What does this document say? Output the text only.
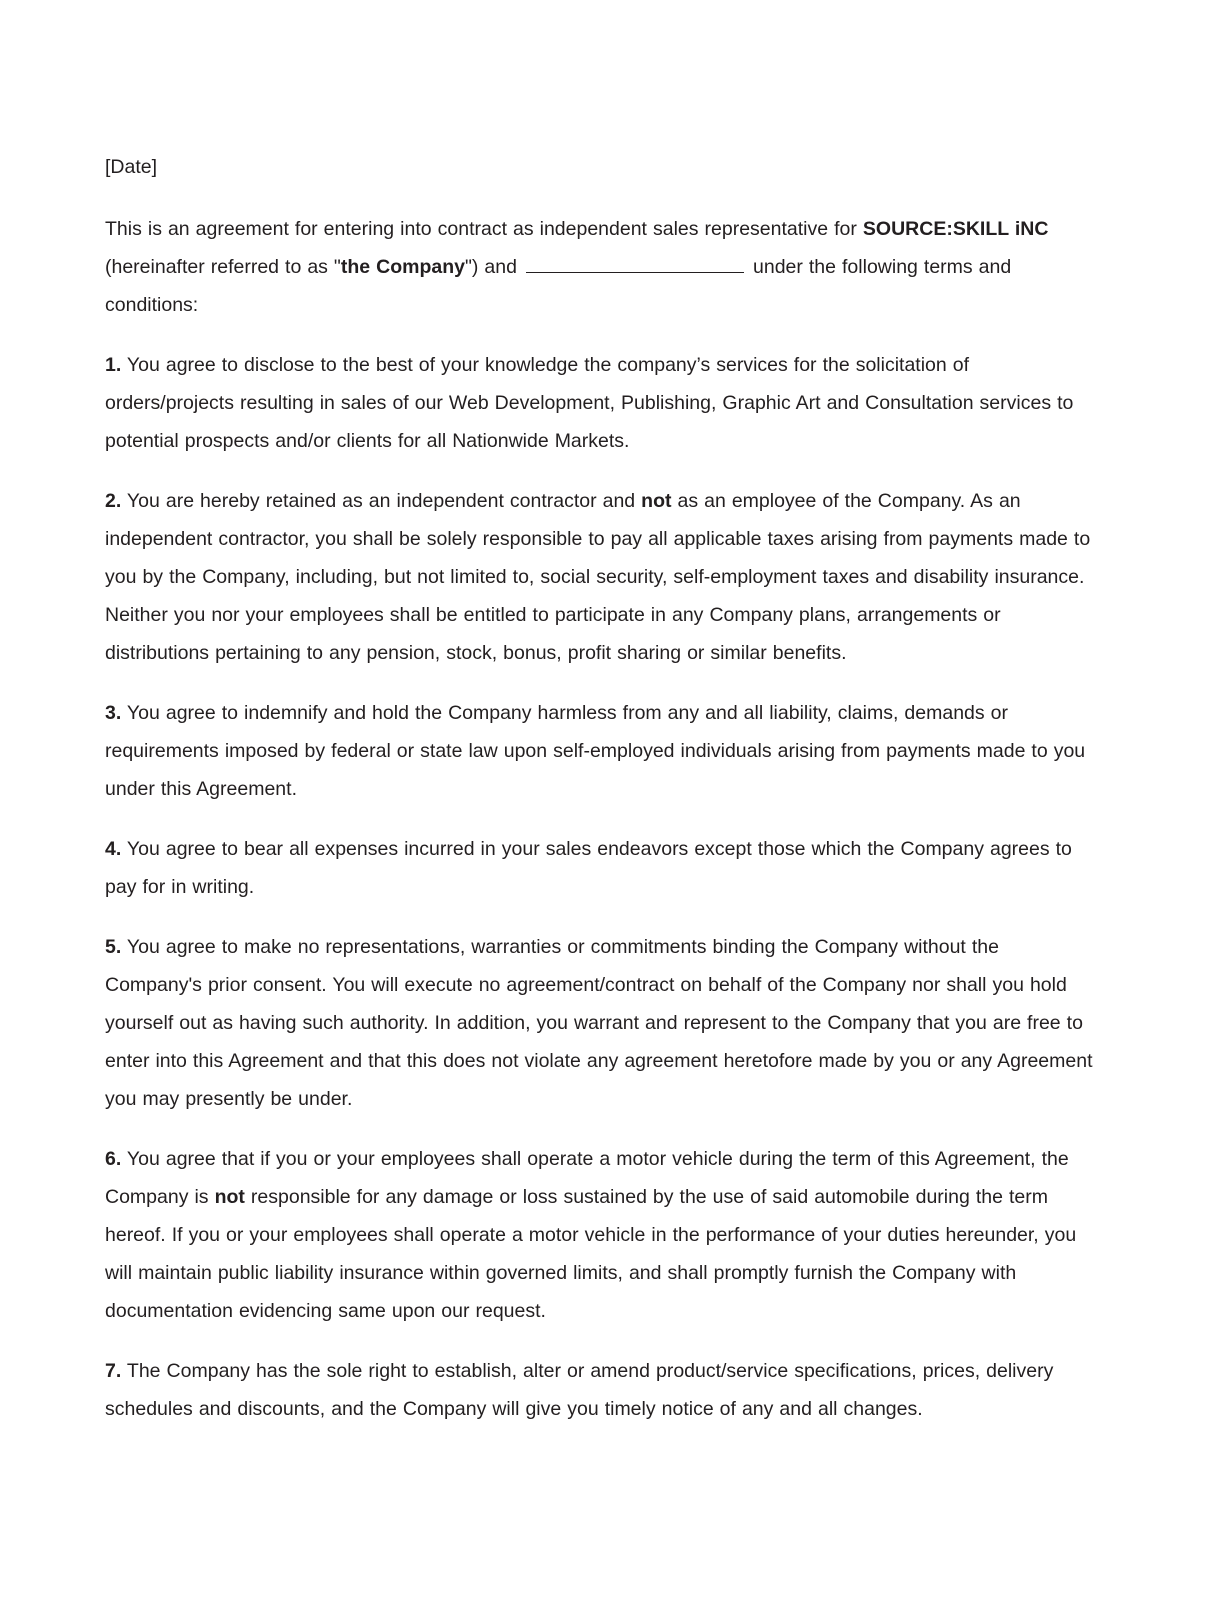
[Date]

This is an agreement for entering into contract as independent sales representative for SOURCE:SKILL iNC (hereinafter referred to as "the Company") and	under the following terms and conditions:

1. You agree to disclose to the best of your knowledge the company’s services for the solicitation of orders/projects resulting in sales of our Web Development, Publishing, Graphic Art and Consultation services to potential prospects and/or clients for all Nationwide Markets.

2. You are hereby retained as an independent contractor and not as an employee of the Company. As an independent contractor, you shall be solely responsible to pay all applicable taxes arising from payments made to you by the Company, including, but not limited to, social security, self-employment taxes and disability insurance. Neither you nor your employees shall be entitled to participate in any Company plans, arrangements or distributions pertaining to any pension, stock, bonus, profit sharing or similar benefits.

3. You agree to indemnify and hold the Company harmless from any and all liability, claims, demands or requirements imposed by federal or state law upon self-employed individuals arising from payments made to you under this Agreement.

4. You agree to bear all expenses incurred in your sales endeavors except those which the Company agrees to pay for in writing.

5. You agree to make no representations, warranties or commitments binding the Company without the Company's prior consent. You will execute no agreement/contract on behalf of the Company nor shall you hold yourself out as having such authority. In addition, you warrant and represent to the Company that you are free to enter into this Agreement and that this does not violate any agreement heretofore made by you or any Agreement you may presently be under.

6. You agree that if you or your employees shall operate a motor vehicle during the term of this Agreement, the Company is not responsible for any damage or loss sustained by the use of said automobile during the term hereof. If you or your employees shall operate a motor vehicle in the performance of your duties hereunder, you will maintain public liability insurance within governed limits, and shall promptly furnish the Company with documentation evidencing same upon our request.

7. The Company has the sole right to establish, alter or amend product/service specifications, prices, delivery schedules and discounts, and the Company will give you timely notice of any and all changes.
